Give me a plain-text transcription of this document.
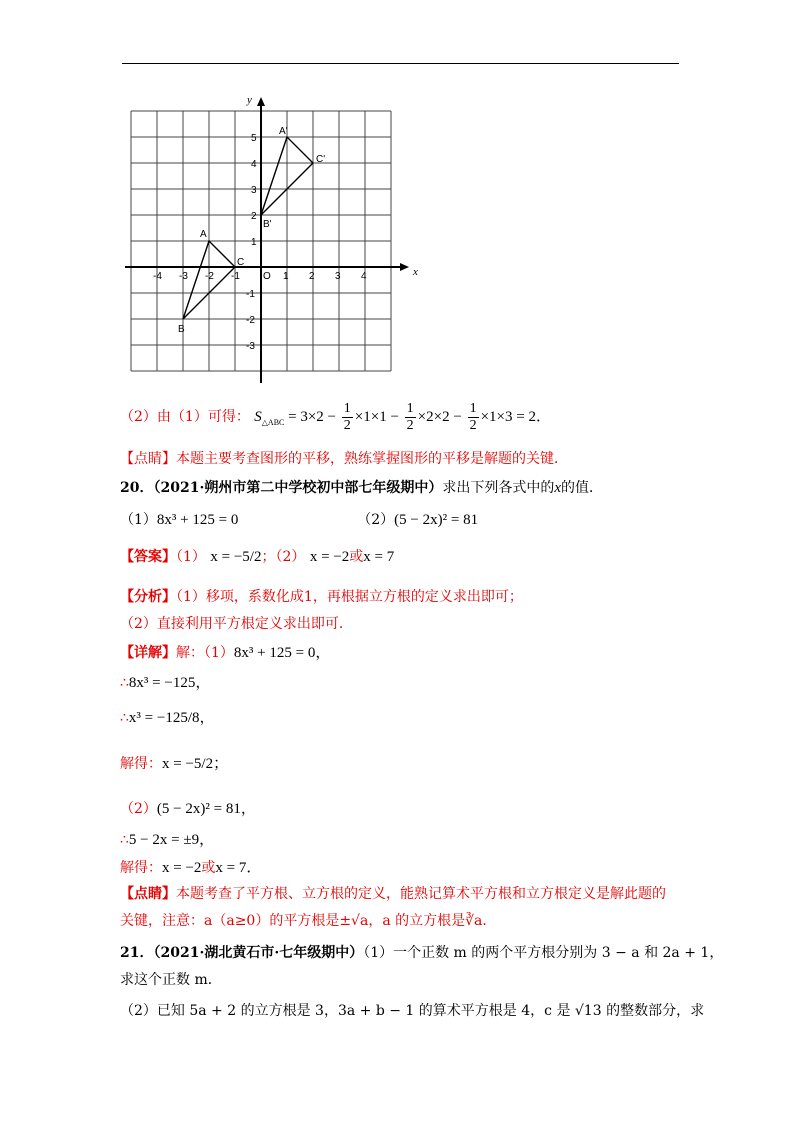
x
y
-4 -3 -2 -1 O 1 2 3 4
5
4
3
2
1
-1
-2
-3
A
B
C
A'
B'
C'
（2）由（1）可得： $S_{\triangle ABC} = 3\times 2 - \frac{1}{2} \times 1\times 1 - \frac{1}{2} \times 2\times 2 - \frac{1}{2} \times 1\times 3 = 2$．
【点睛】本题主要考查图形的平移，熟练掌握图形的平移是解题的关键．
20．（2021·朔州市第二中学校初中部七年级期中）求出下列各式中的x的值．
（1）8x³ + 125 = 0	（2）(5 − 2x)² = 81
【答案】（1） x = −5/2；（2） x = −2或x = 7
【分析】（1）移项，系数化成1，再根据立方根的定义求出即可；
（2）直接利用平方根定义求出即可．
【详解】解：（1）8x³ + 125 = 0，
∴8x³ = −125，
∴x³ = −125/8，
解得：x = −5/2；
（2）(5 − 2x)² = 81，
∴5 − 2x = ±9，
解得：x = −2或x = 7．
【点睛】本题考查了平方根、立方根的定义，能熟记算术平方根和立方根定义是解此题的
关键，注意：a（a≥0）的平方根是±√a，a 的立方根是∛a．
21．（2021·湖北黄石市·七年级期中）（1）一个正数 m 的两个平方根分别为 3 − a 和 2a + 1，
求这个正数 m．
（2）已知 5a + 2 的立方根是 3，3a + b − 1 的算术平方根是 4，c 是 √13 的整数部分，求
